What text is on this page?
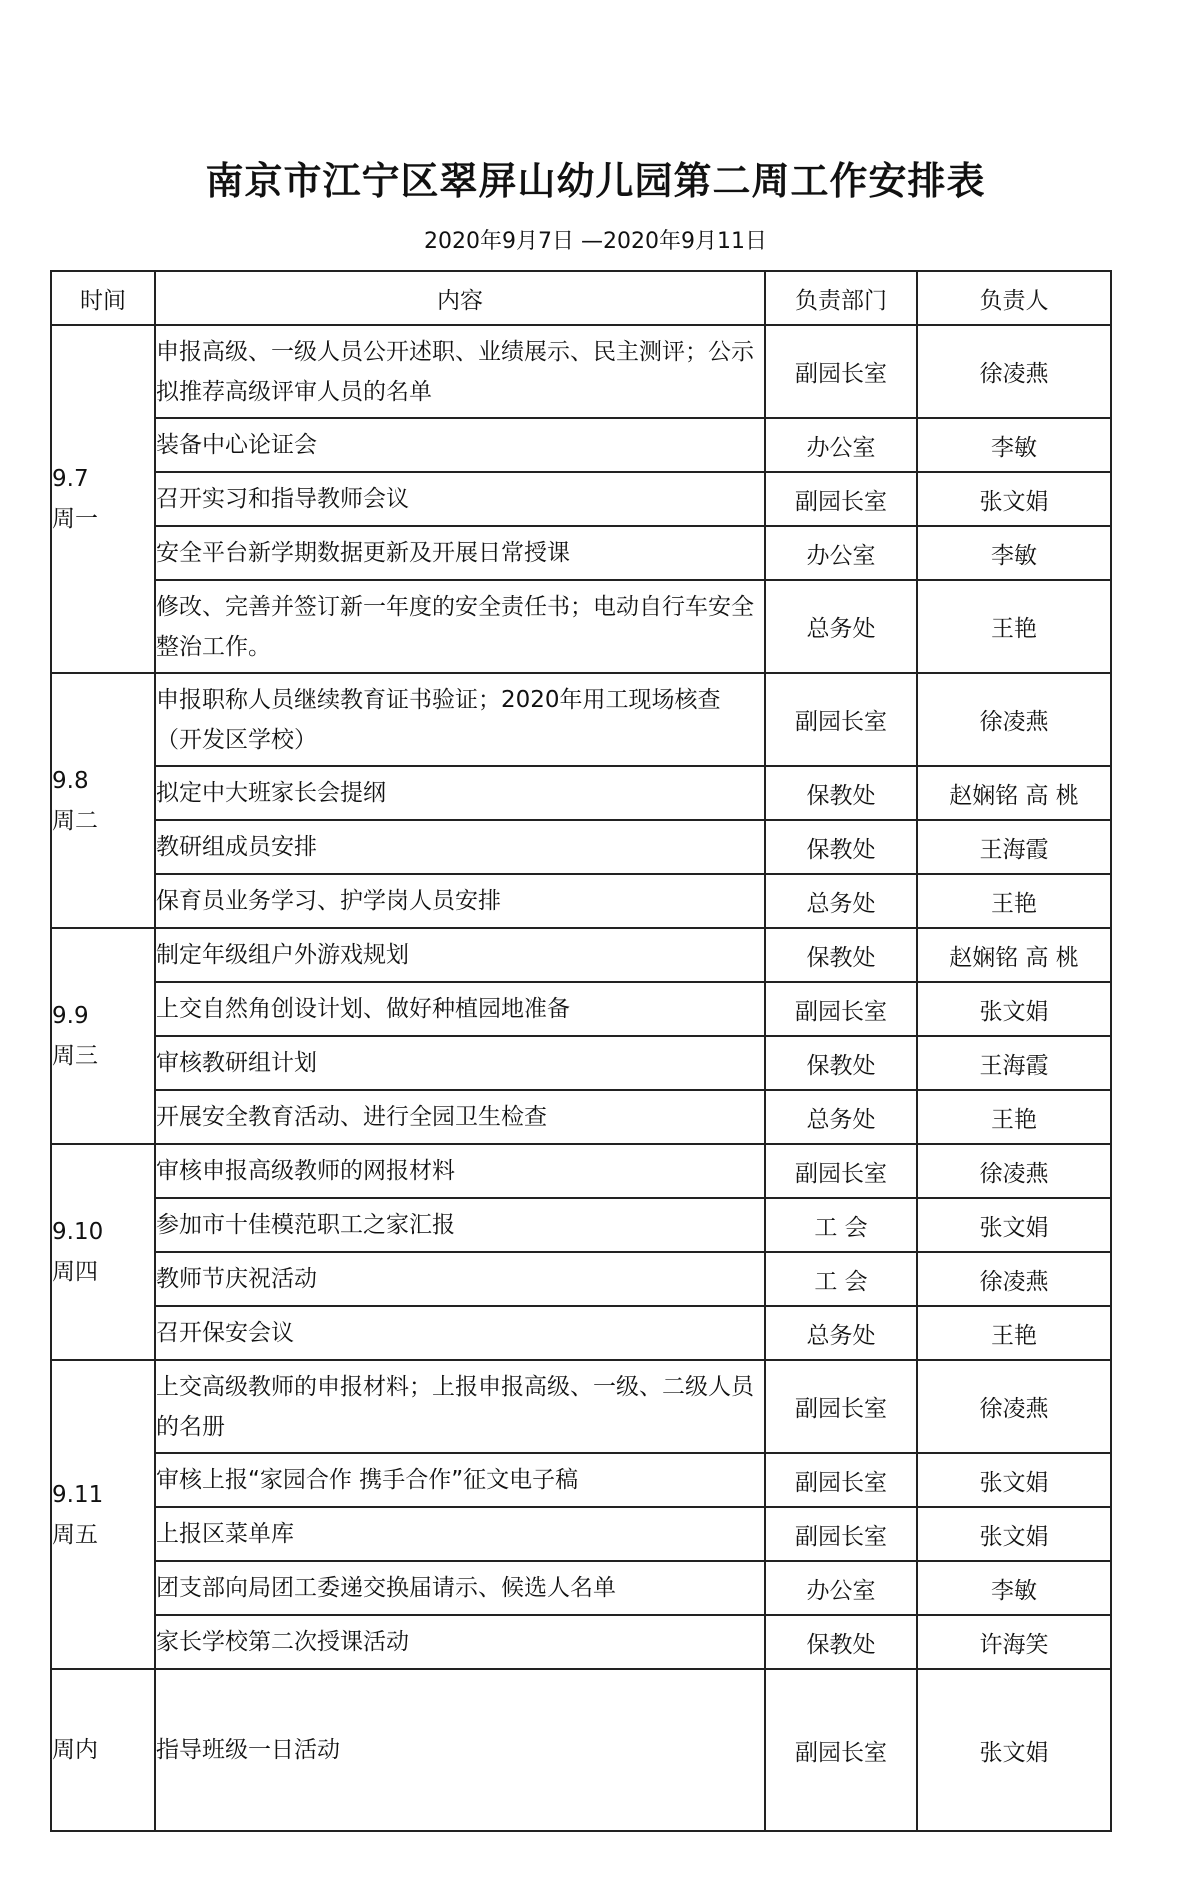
南京市江宁区翠屏山幼儿园第二周工作安排表

2020年9月7日 —2020年9月11日

时间	内容	负责部门	负责人

9.7
周一	申报高级、一级人员公开述职、业绩展示、民主测评；公示拟推荐高级评审人员的名单	副园长室	徐凌燕
	装备中心论证会	办公室	李敏
	召开实习和指导教师会议	副园长室	张文娟
	安全平台新学期数据更新及开展日常授课	办公室	李敏
	修改、完善并签订新一年度的安全责任书；电动自行车安全整治工作。	总务处	王艳

9.8
周二	申报职称人员继续教育证书验证；2020年用工现场核查（开发区学校）	副园长室	徐凌燕
	拟定中大班家长会提纲	保教处	赵娴铭 高 桃
	教研组成员安排	保教处	王海霞
	保育员业务学习、护学岗人员安排	总务处	王艳

9.9
周三	制定年级组户外游戏规划	保教处	赵娴铭 高 桃
	上交自然角创设计划、做好种植园地准备	副园长室	张文娟
	审核教研组计划	保教处	王海霞
	开展安全教育活动、进行全园卫生检查	总务处	王艳

9.10
周四	审核申报高级教师的网报材料	副园长室	徐凌燕
	参加市十佳模范职工之家汇报	工 会	张文娟
	教师节庆祝活动	工 会	徐凌燕
	召开保安会议	总务处	王艳

9.11
周五	上交高级教师的申报材料；上报申报高级、一级、二级人员的名册	副园长室	徐凌燕
	审核上报“家园合作 携手合作”征文电子稿	副园长室	张文娟
	上报区菜单库	副园长室	张文娟
	团支部向局团工委递交换届请示、候选人名单	办公室	李敏
	家长学校第二次授课活动	保教处	许海笑

周内	指导班级一日活动	副园长室	张文娟
